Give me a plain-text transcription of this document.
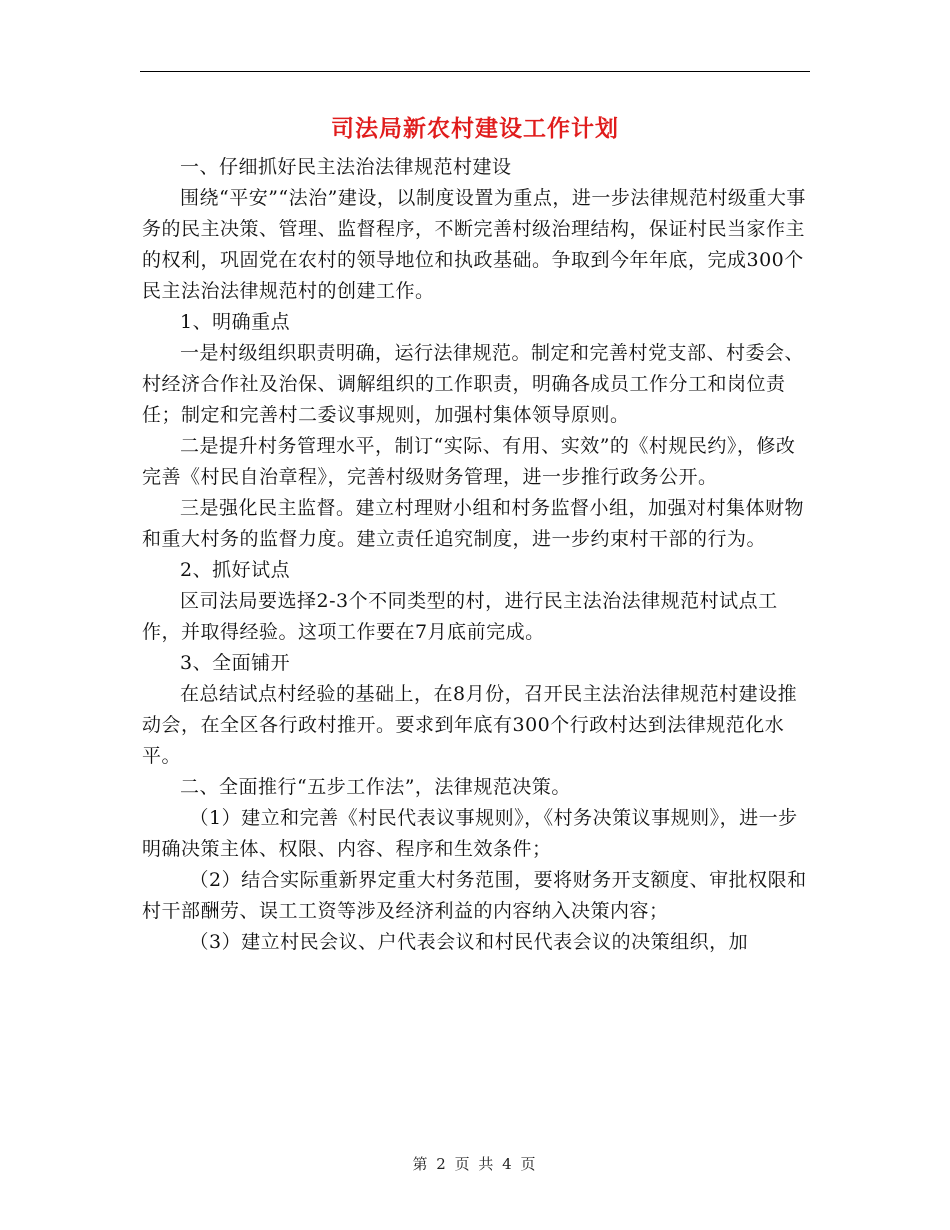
司法局新农村建设工作计划

一、仔细抓好民主法治法律规范村建设

围绕“平安”“法治”建设，以制度设置为重点，进一步法律规范村级重大事务的民主决策、管理、监督程序，不断完善村级治理结构，保证村民当家作主的权利，巩固党在农村的领导地位和执政基础。争取到今年年底，完成300个民主法治法律规范村的创建工作。

1、明确重点

一是村级组织职责明确，运行法律规范。制定和完善村党支部、村委会、村经济合作社及治保、调解组织的工作职责，明确各成员工作分工和岗位责任；制定和完善村二委议事规则，加强村集体领导原则。

二是提升村务管理水平，制订“实际、有用、实效”的《村规民约》，修改完善《村民自治章程》，完善村级财务管理，进一步推行政务公开。

三是强化民主监督。建立村理财小组和村务监督小组，加强对村集体财物和重大村务的监督力度。建立责任追究制度，进一步约束村干部的行为。

2、抓好试点

区司法局要选择2-3个不同类型的村，进行民主法治法律规范村试点工作，并取得经验。这项工作要在7月底前完成。

3、全面铺开

在总结试点村经验的基础上，在8月份，召开民主法治法律规范村建设推动会，在全区各行政村推开。要求到年底有300个行政村达到法律规范化水平。

二、全面推行“五步工作法”，法律规范决策。

（1）建立和完善《村民代表议事规则》，《村务决策议事规则》，进一步明确决策主体、权限、内容、程序和生效条件；

（2）结合实际重新界定重大村务范围，要将财务开支额度、审批权限和村干部酬劳、误工工资等涉及经济利益的内容纳入决策内容；

（3）建立村民会议、户代表会议和村民代表会议的决策组织，加

第 2 页 共 4 页
